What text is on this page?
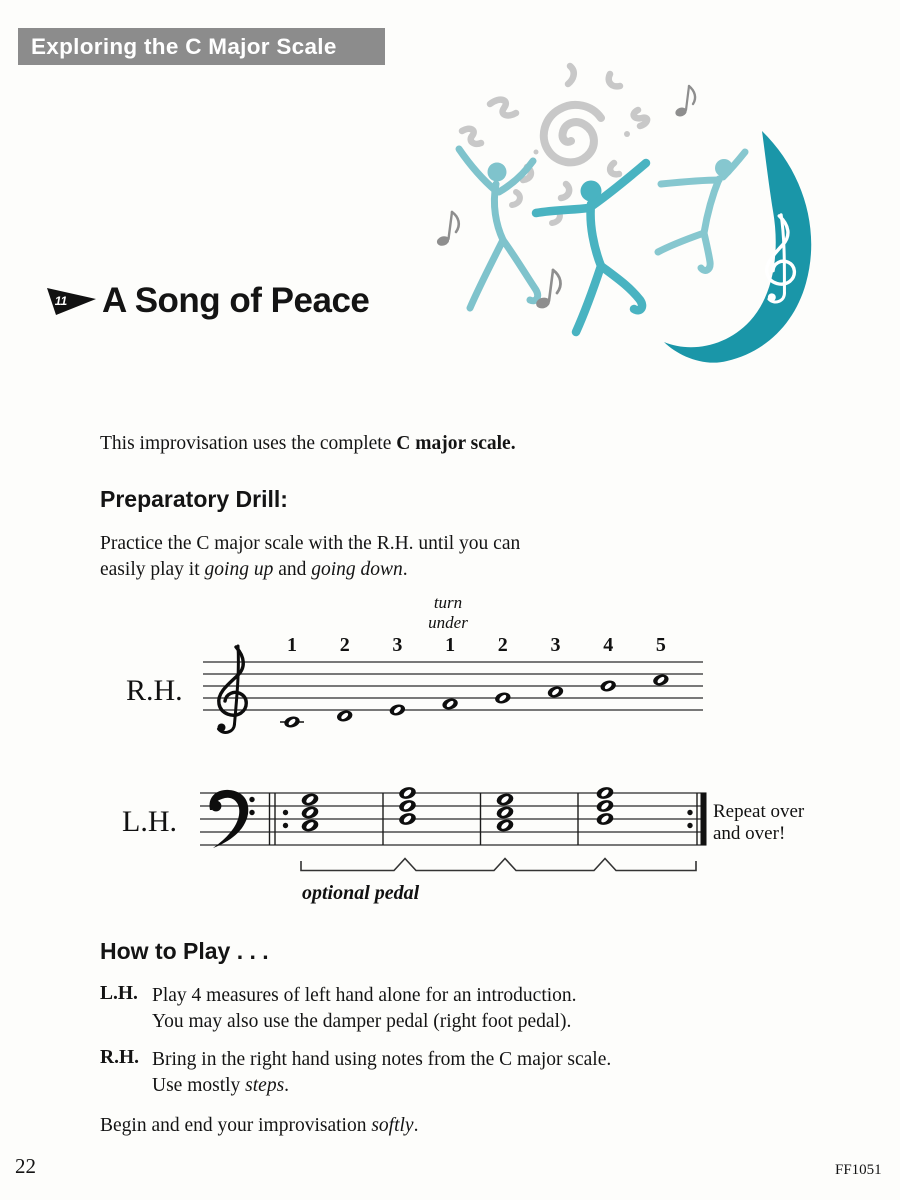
Exploring the C Major Scale
11 A Song of Peace

This improvisation uses the complete C major scale.

Preparatory Drill:
Practice the C major scale with the R.H. until you can
easily play it going up and going down.
turn
under
R.H.
1 2 3 1 2 3 4 5
L.H.	Repeat over
and over!
optional pedal
How to Play . . .
L.H. Play 4 measures of left hand alone for an introduction.
You may also use the damper pedal (right foot pedal).
R.H. Bring in the right hand using notes from the C major scale.
Use mostly steps.

Begin and end your improvisation softly.

22	FF1051
